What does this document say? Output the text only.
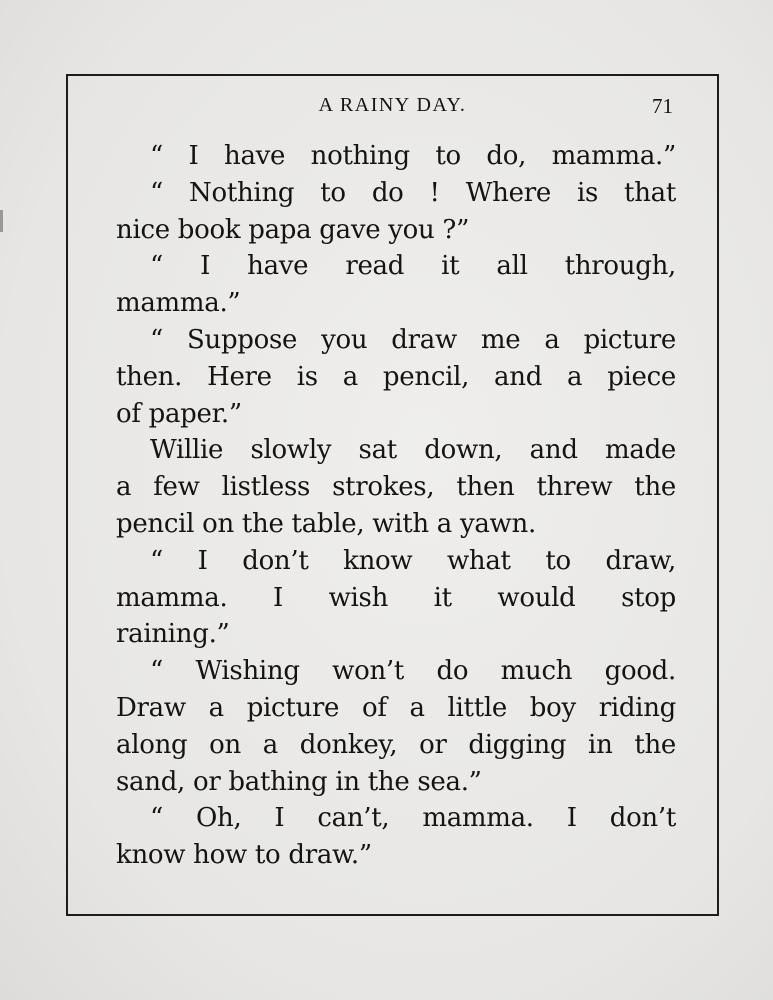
A RAINY DAY.	71
“ I have nothing to do, mamma.”
“ Nothing to do ! Where is that
nice book papa gave you ?”
“ I have read it all through,
mamma.”
“ Suppose you draw me a picture
then. Here is a pencil, and a piece
of paper.”
Willie slowly sat down, and made
a few listless strokes, then threw the
pencil on the table, with a yawn.
“ I don’t know what to draw,
mamma. I wish it would stop
raining.”
“ Wishing won’t do much good.
Draw a picture of a little boy riding
along on a donkey, or digging in the
sand, or bathing in the sea.”
“ Oh, I can’t, mamma. I don’t
know how to draw.”
